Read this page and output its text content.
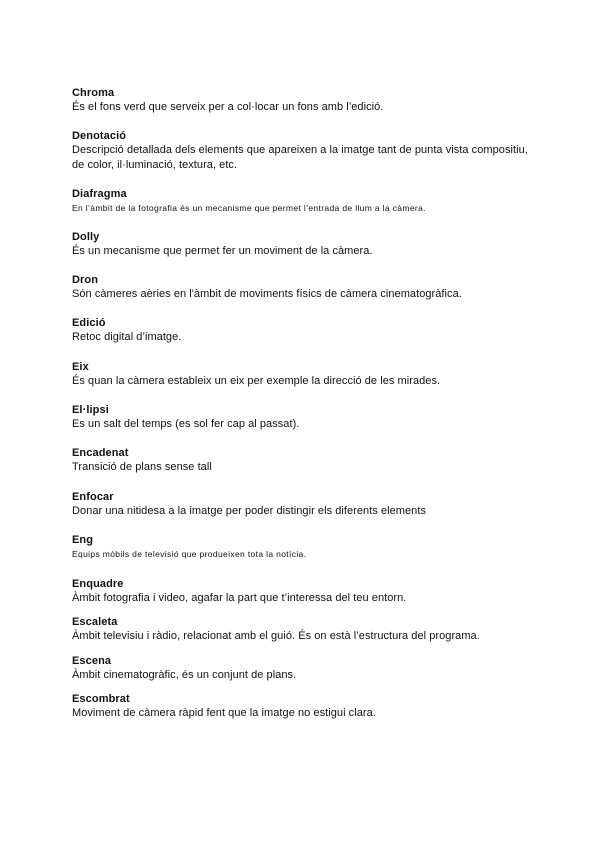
Chroma
És el fons verd que serveix per a col·locar un fons amb l’edició.
Denotació
Descripció detallada dels elements que apareixen a la imatge tant de punta vista compositiu, de color, il·luminació, textura, etc.
Diafragma
En l’àmbit de la fotografia és un mecanisme que permet l’entrada de llum a la càmera.
Dolly
És un mecanisme que permet fer un moviment de la càmera.
Dron
Són càmeres aèries en l'àmbit de moviments físics de càmera cinematogràfica.
Edició
Retoc digital d’imatge.
Eix
És quan la càmera estableix un eix per exemple la direcció de les mirades.
El·lipsi
Es un salt del temps (es sol fer cap al passat).
Encadenat
Transició de plans sense tall
Enfocar
Donar una nitidesa a la imatge per poder distingir els diferents elements
Eng
Equips mòbils de televisió que produeixen tota la notícia.
Enquadre
Àmbit fotografia i video, agafar la part que t’interessa del teu entorn.
Escaleta
Àmbit televisiu i ràdio, relacionat amb el guió. És on està l’estructura del programa.
Escena
Àmbit cinematogràfic, és un conjunt de plans.
Escombrat
Moviment de càmera ràpid fent que la imatge no estigui clara.
